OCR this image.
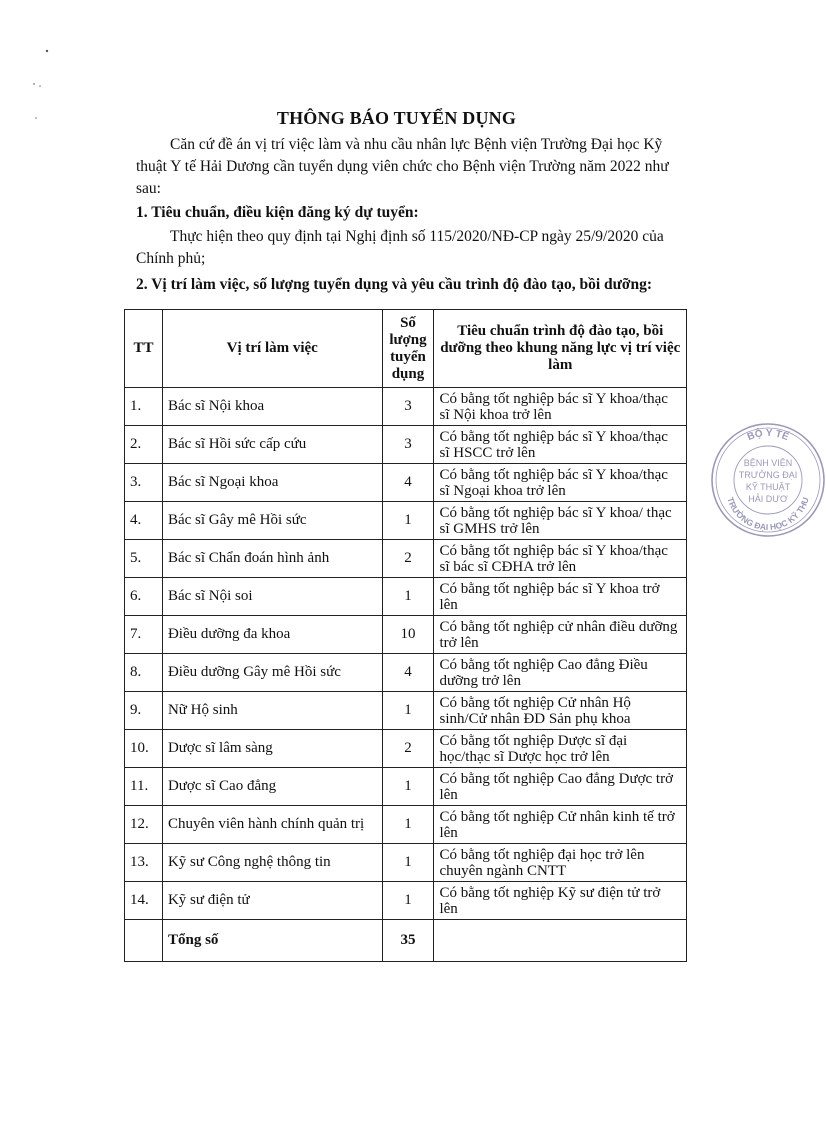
THÔNG BÁO TUYỂN DỤNG
Căn cứ đề án vị trí việc làm và nhu cầu nhân lực Bệnh viện Trường Đại học Kỹ thuật Y tế Hải Dương cần tuyển dụng viên chức cho Bệnh viện Trường năm 2022 như sau:
1. Tiêu chuẩn, điều kiện đăng ký dự tuyển:
Thực hiện theo quy định tại Nghị định số 115/2020/NĐ-CP ngày 25/9/2020 của Chính phủ;
2. Vị trí làm việc, số lượng tuyển dụng và yêu cầu trình độ đào tạo, bồi dưỡng:
TT	Vị trí làm việc	Số lượng tuyển dụng	Tiêu chuẩn trình độ đào tạo, bồi dưỡng theo khung năng lực vị trí việc làm
1.	Bác sĩ Nội khoa	3	Có bằng tốt nghiệp bác sĩ Y khoa/thạc sĩ Nội khoa trở lên
2.	Bác sĩ Hồi sức cấp cứu	3	Có bằng tốt nghiệp bác sĩ Y khoa/thạc sĩ HSCC trở lên
3.	Bác sĩ Ngoại khoa	4	Có bằng tốt nghiệp bác sĩ Y khoa/thạc sĩ Ngoại khoa trở lên
4.	Bác sĩ Gây mê Hồi sức	1	Có bằng tốt nghiệp bác sĩ Y khoa/ thạc sĩ GMHS trở lên
5.	Bác sĩ Chẩn đoán hình ảnh	2	Có bằng tốt nghiệp bác sĩ Y khoa/thạc sĩ bác sĩ CĐHA trở lên
6.	Bác sĩ Nội soi	1	Có bằng tốt nghiệp bác sĩ Y khoa trở lên
7.	Điều dưỡng đa khoa	10	Có bằng tốt nghiệp cử nhân điều dưỡng trở lên
8.	Điều dưỡng Gây mê Hồi sức	4	Có bằng tốt nghiệp Cao đẳng Điều dưỡng trở lên
9.	Nữ Hộ sinh	1	Có bằng tốt nghiệp Cử nhân Hộ sinh/Cử nhân ĐD Sản phụ khoa
10.	Dược sĩ lâm sàng	2	Có bằng tốt nghiệp Dược sĩ đại học/thạc sĩ Dược học trở lên
11.	Dược sĩ Cao đẳng	1	Có bằng tốt nghiệp Cao đẳng Dược trở lên
12.	Chuyên viên hành chính quản trị	1	Có bằng tốt nghiệp Cử nhân kinh tế trở lên
13.	Kỹ sư Công nghệ thông tin	1	Có bằng tốt nghiệp đại học trở lên chuyên ngành CNTT
14.	Kỹ sư điện tử	1	Có bằng tốt nghiệp Kỹ sư điện tử trở lên
	Tổng số	35	
BỘ Y TẾ
TRƯỜNG ĐẠI HỌC KỸ THU
BỆNH VIỆN
TRƯỜNG ĐẠI
KỸ THUẬT
HẢI DƯƠ
